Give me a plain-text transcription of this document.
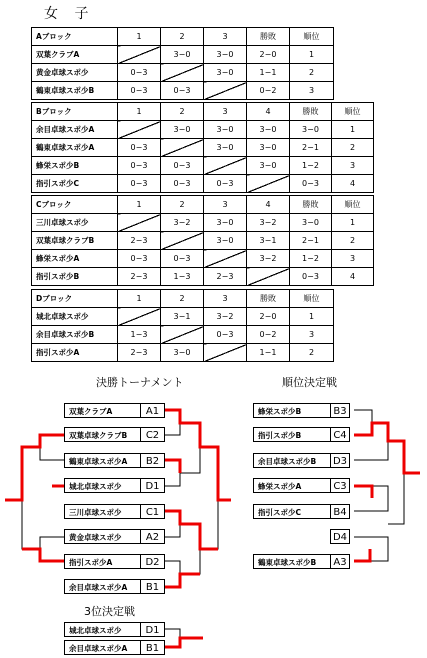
女 子
Aブロック	1	2	3	勝敗	順位
双葉クラブA		3−0	3−0	2−0	1
黄金卓球スポ少	0−3		3−0	1−1	2
鶴東卓球スポ少B	0−3	0−3		0−2	3
Bブロック	1	2	3	4	勝敗	順位
余目卓球スポ少A		3−0	3−0	3−0	3−0	1
鶴東卓球スポ少A	0−3		3−0	3−0	2−1	2
蜂栄スポ少B	0−3	0−3		3−0	1−2	3
指引スポ少C	0−3	0−3	0−3		0−3	4
Cブロック	1	2	3	4	勝敗	順位
三川卓球スポ少		3−2	3−0	3−2	3−0	1
双葉卓球クラブB	2−3		3−0	3−1	2−1	2
蜂栄スポ少A	0−3	0−3		3−2	1−2	3
指引スポ少B	2−3	1−3	2−3		0−3	4
Dブロック	1	2	3	勝敗	順位
城北卓球スポ少		3−1	3−2	2−0	1
余目卓球スポ少B	1−3		0−3	0−2	3
指引スポ少A	2−3	3−0		1−1	2
決勝トーナメント	順位決定戦
3位決定戦
双葉クラブA	A1
双葉卓球クラブB	C2
鶴東卓球スポ少A	B2
城北卓球スポ少	D1
三川卓球スポ少	C1
黄金卓球スポ少	A2
指引スポ少A	D2
余目卓球スポ少A	B1
蜂栄スポ少B	B3
指引スポ少B	C4
余目卓球スポ少B	D3
蜂栄スポ少A	C3
指引スポ少C	B4
D4
鶴東卓球スポ少B	A3
城北卓球スポ少	D1
余目卓球スポ少A	B1
